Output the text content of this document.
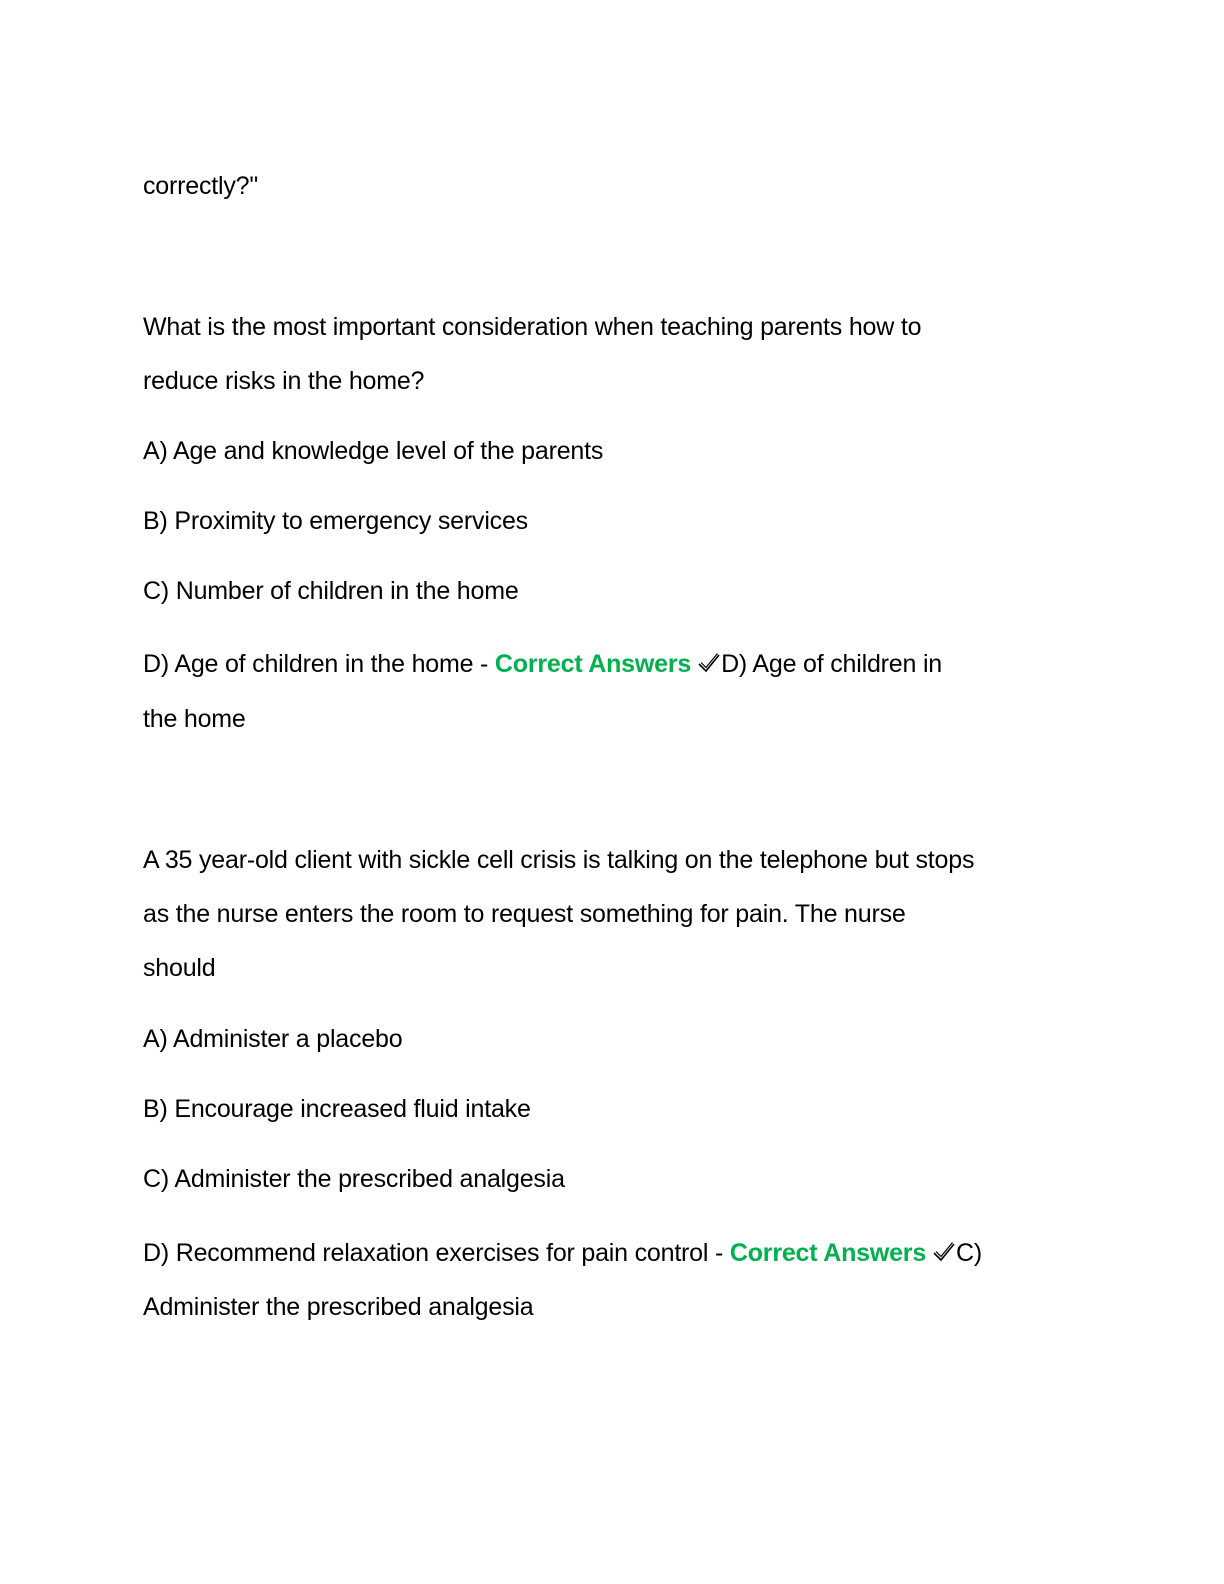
correctly?"
What is the most important consideration when teaching parents how to
reduce risks in the home?
A) Age and knowledge level of the parents
B) Proximity to emergency services
C) Number of children in the home
D) Age of children in the home - Correct Answers D) Age of children in
the home
A 35 year-old client with sickle cell crisis is talking on the telephone but stops
as the nurse enters the room to request something for pain. The nurse
should
A) Administer a placebo
B) Encourage increased fluid intake
C) Administer the prescribed analgesia
D) Recommend relaxation exercises for pain control - Correct Answers C)
Administer the prescribed analgesia
